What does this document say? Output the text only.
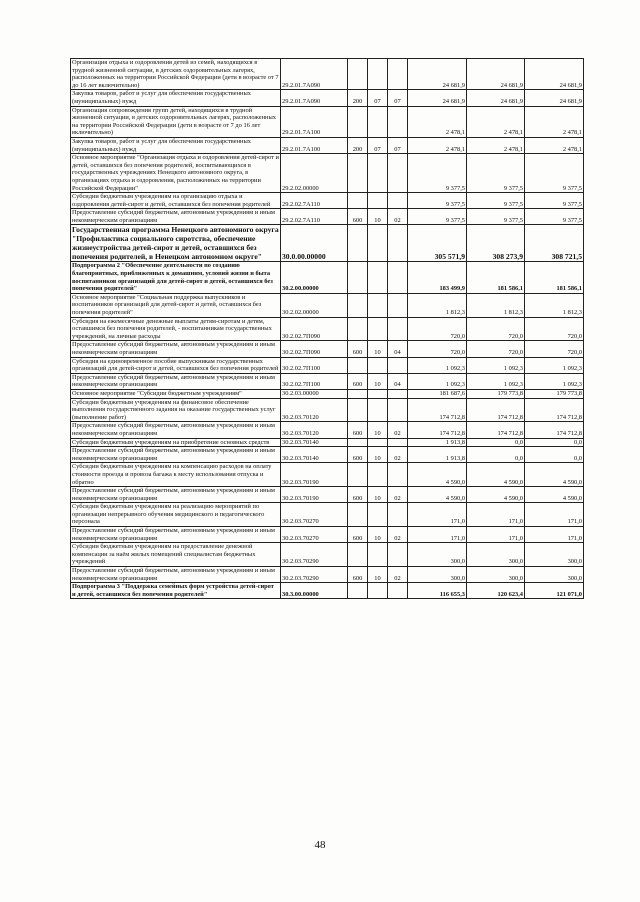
Организация отдыха и оздоровления детей из семей, находящихся в трудной жизненной ситуации, в детских оздоровительных лагерях, расположенных на территории Российской Федерации (дети в возрасте от 7 до 16 лет включительно)	29.2.01.7А090				24 681,9	24 681,9	24 681,9
Закупка товаров, работ и услуг для обеспечения государственных (муниципальных) нужд	29.2.01.7А090	200	07	07	24 681,9	24 681,9	24 681,9
Организация сопровождения групп детей, находящихся в трудной жизненной ситуации, в детских оздоровительных лагерях, расположенных на территории Российской Федерации (дети в возрасте от 7 до 16 лет включительно)	29.2.01.7А100				2 478,1	2 478,1	2 478,1
Закупка товаров, работ и услуг для обеспечения государственных (муниципальных) нужд	29.2.01.7А100	200	07	07	2 478,1	2 478,1	2 478,1
Основное мероприятие "Организация отдыха и оздоровления детей-сирот и детей, оставшихся без попечения родителей, воспитывающихся в государственных учреждениях Ненецкого автономного округа, в организациях отдыха и оздоровления, расположенных на территории Российской Федерации"	29.2.02.00000				9 377,5	9 377,5	9 377,5
Субсидии бюджетным учреждениям на организацию отдыха и оздоровления детей-сирот и детей, оставшихся без попечения родителей	29.2.02.7А110				9 377,5	9 377,5	9 377,5
Предоставление субсидий бюджетным, автономным учреждениям и иным некоммерческим организациям	29.2.02.7А110	600	10	02	9 377,5	9 377,5	9 377,5
Государственная программа Ненецкого автономного округа "Профилактика социального сиротства, обеспечение жизнеустройства детей-сирот и детей, оставшихся без попечения родителей, в Ненецком автономном округе"	30.0.00.00000				305 571,9	308 273,9	308 721,5
Подпрограмма 2 "Обеспечение деятельности по созданию благоприятных, приближенных к домашним, условий жизни и быта воспитанников организаций для детей-сирот и детей, оставшихся без попечения родителей"	30.2.00.00000				183 499,9	181 586,1	181 586,1
Основное мероприятие "Социальная поддержка выпускников и воспитанников организаций для детей-сирот и детей, оставшихся без попечения родителей"	30.2.02.00000				1 812,3	1 812,3	1 812,3
Субсидия на ежемесячные денежные выплаты детям-сиротам и детям, оставшимся без попечения родителей, - воспитанникам государственных учреждений, на личные расходы	30.2.02.7П090				720,0	720,0	720,0
Предоставление субсидий бюджетным, автономным учреждениям и иным некоммерческим организациям	30.2.02.7П090	600	10	04	720,0	720,0	720,0
Субсидия на единовременное пособие выпускникам государственных организаций для детей-сирот и детей, оставшихся без попечения родителей	30.2.02.7П100				1 092,3	1 092,3	1 092,3
Предоставление субсидий бюджетным, автономным учреждениям и иным некоммерческим организациям	30.2.02.7П100	600	10	04	1 092,3	1 092,3	1 092,3
Основное мероприятие "Субсидии бюджетным учреждениям"	30.2.03.00000				181 687,6	179 773,8	179 773,8
Субсидии бюджетным учреждениям на финансовое обеспечение выполнения государственного задания на оказание государственных услуг (выполнение работ)	30.2.03.70120				174 712,8	174 712,8	174 712,8
Предоставление субсидий бюджетным, автономным учреждениям и иным некоммерческим организациям	30.2.03.70120	600	10	02	174 712,8	174 712,8	174 712,8
Субсидии бюджетным учреждениям на приобретение основных средств	30.2.03.70140				1 913,8	0,0	0,0
Предоставление субсидий бюджетным, автономным учреждениям и иным некоммерческим организациям	30.2.03.70140	600	10	02	1 913,8	0,0	0,0
Субсидии бюджетным учреждениям на компенсацию расходов на оплату стоимости проезда и провоза багажа к месту использования отпуска и обратно	30.2.03.70190				4 590,0	4 590,0	4 590,0
Предоставление субсидий бюджетным, автономным учреждениям и иным некоммерческим организациям	30.2.03.70190	600	10	02	4 590,0	4 590,0	4 590,0
Субсидии бюджетным учреждениям на реализацию мероприятий по организации непрерывного обучения медицинского и педагогического персонала	30.2.03.70270				171,0	171,0	171,0
Предоставление субсидий бюджетным, автономным учреждениям и иным некоммерческим организациям	30.2.03.70270	600	10	02	171,0	171,0	171,0
Субсидии бюджетным учреждениям на предоставление денежной компенсации за наём жилых помещений специалистам бюджетных учреждений	30.2.03.70290				300,0	300,0	300,0
Предоставление субсидий бюджетным, автономным учреждениям и иным некоммерческим организациям	30.2.03.70290	600	10	02	300,0	300,0	300,0
Подпрограмма 3 "Поддержка семейных форм устройства детей-сирот и детей, оставшихся без попечения родителей"	30.3.00.00000				116 655,3	120 623,4	121 071,0
48
